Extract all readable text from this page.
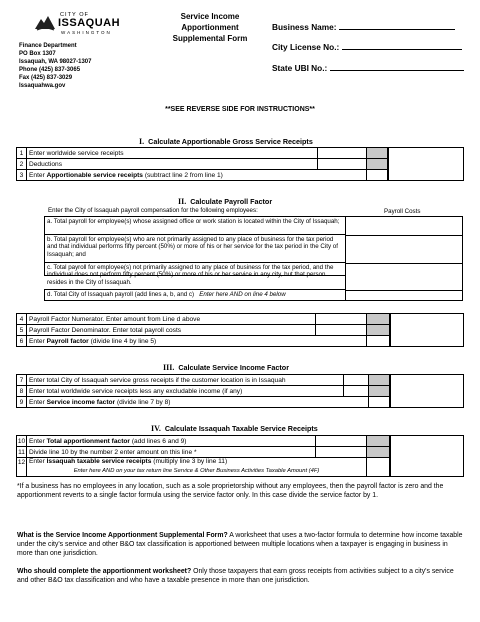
CITY OF
ISSAQUAH
WASHINGTON
Finance Department
PO Box 1307
Issaquah, WA 98027-1307
Phone (425) 837-3065
Fax (425) 837-3029
Issaquahwa.gov
Service Income
Apportionment
Supplemental Form
Business Name:
City License No.:
State UBI No.:
**SEE REVERSE SIDE FOR INSTRUCTIONS**
I. Calculate Apportionable Gross Service Receipts
1	Enter worldwide service receipts		
2	Deductions		
3	Enter Apportionable service receipts (subtract line 2 from line 1)		
II. Calculate Payroll Factor
Enter the City of Issaquah payroll compensation for the following employees:	Payroll Costs
a. Total payroll for employee(s) whose assigned office or work station is located within the City of Issaquah;
b. Total payroll for employee(s) who are not primarily assigned to any place of business for the tax period and that individual performs fifty percent (50%) or more of his or her service for the tax period in the City of Issaquah; and
c. Total payroll for employee(s) not primarily assigned to any place of business for the tax period, and the individual does not perform fifty percent (50%) or more of his or her service in any city, but that person resides in the City of Issaquah.
d. Total City of Issaquah payroll (add lines a, b, and c) Enter here AND on line 4 below
4	Payroll Factor Numerator. Enter amount from Line d above		
5	Payroll Factor Denominator. Enter total payroll costs		
6	Enter Payroll factor (divide line 4 by line 5)		
III. Calculate Service Income Factor
7	Enter total City of Issaquah service gross receipts if the customer location is in Issaquah		
8	Enter total worldwide service receipts less any excludable income (if any)		
9	Enter Service income factor (divide line 7 by 8)		
IV. Calculate Issaquah Taxable Service Receipts
10	Enter Total apportionment factor (add lines 6 and 9)		
11	Divide line 10 by the number 2 enter amount on this line *		
12	Enter Issaquah taxable service receipts (multiply line 3 by line 11)

Enter here AND on your tax return line Service & Other Business Activities Taxable Amount (4F)		

*If a business has no employees in any location, such as a sole proprietorship without any employees, then the payroll factor is zero and the apportionment reverts to a single factor formula using the service factor only. In this case divide the service factor by 1.
What is the Service Income Apportionment Supplemental Form? A worksheet that uses a two-factor formula to determine how income taxable under the city's service and other B&O tax classification is apportioned between multiple locations when a taxpayer is engaging in business in more than one jurisdiction.
Who should complete the apportionment worksheet? Only those taxpayers that earn gross receipts from activities subject to a city's service and other B&O tax classification and who have a taxable presence in more than one jurisdiction.
